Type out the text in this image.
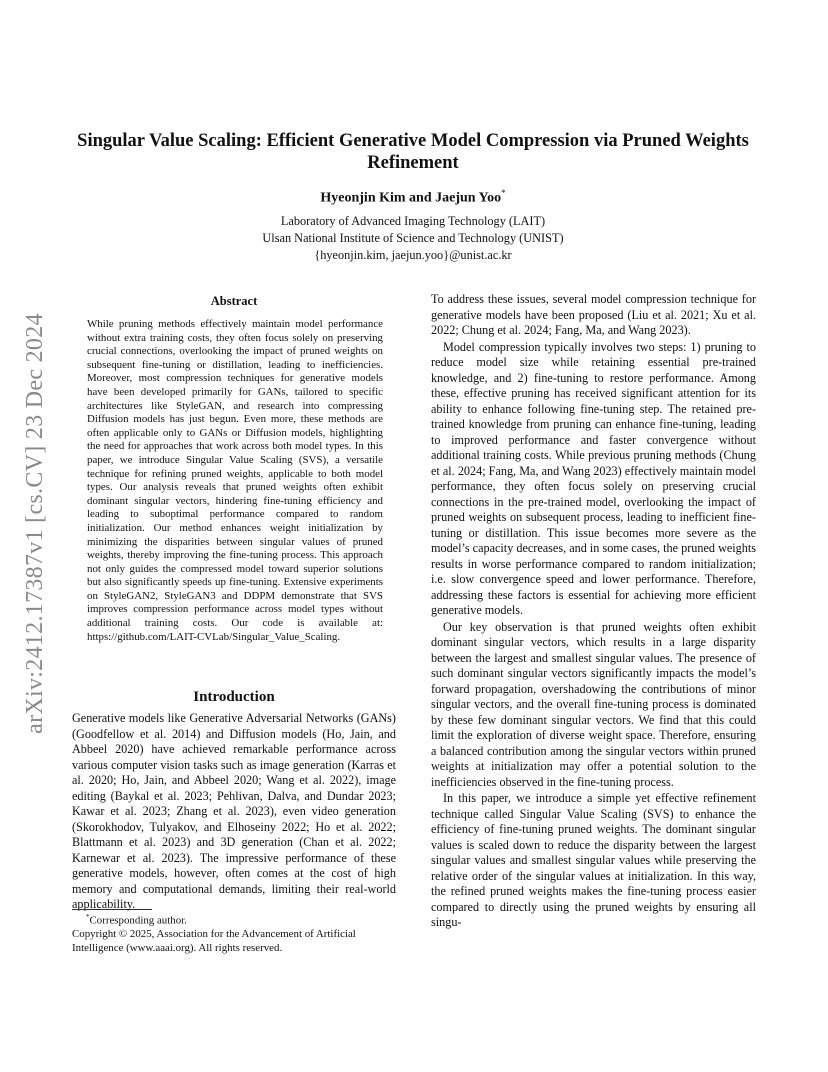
arXiv:2412.17387v1 [cs.CV] 23 Dec 2024
Singular Value Scaling: Efficient Generative Model Compression via Pruned Weights Refinement
Hyeonjin Kim and Jaejun Yoo*
Laboratory of Advanced Imaging Technology (LAIT)
Ulsan National Institute of Science and Technology (UNIST)
{hyeonjin.kim, jaejun.yoo}@unist.ac.kr
Abstract
While pruning methods effectively maintain model performance without extra training costs, they often focus solely on preserving crucial connections, overlooking the impact of pruned weights on subsequent fine-tuning or distillation, leading to inefficiencies. Moreover, most compression techniques for generative models have been developed primarily for GANs, tailored to specific architectures like StyleGAN, and research into compressing Diffusion models has just begun. Even more, these methods are often applicable only to GANs or Diffusion models, highlighting the need for approaches that work across both model types. In this paper, we introduce Singular Value Scaling (SVS), a versatile technique for refining pruned weights, applicable to both model types. Our analysis reveals that pruned weights often exhibit dominant singular vectors, hindering fine-tuning efficiency and leading to suboptimal performance compared to random initialization. Our method enhances weight initialization by minimizing the disparities between singular values of pruned weights, thereby improving the fine-tuning process. This approach not only guides the compressed model toward superior solutions but also significantly speeds up fine-tuning. Extensive experiments on StyleGAN2, StyleGAN3 and DDPM demonstrate that SVS improves compression performance across model types without additional training costs. Our code is available at: https://github.com/LAIT-CVLab/Singular_Value_Scaling.
Introduction

Generative models like Generative Adversarial Networks (GANs) (Goodfellow et al. 2014) and Diffusion models (Ho, Jain, and Abbeel 2020) have achieved remarkable performance across various computer vision tasks such as image generation (Karras et al. 2020; Ho, Jain, and Abbeel 2020; Wang et al. 2022), image editing (Baykal et al. 2023; Pehlivan, Dalva, and Dundar 2023; Kawar et al. 2023; Zhang et al. 2023), even video generation (Skorokhodov, Tulyakov, and Elhoseiny 2022; Ho et al. 2022; Blattmann et al. 2023) and 3D generation (Chan et al. 2022; Karnewar et al. 2023). The impressive performance of these generative models, however, often comes at the cost of high memory and computational demands, limiting their real-world applicability.

*Corresponding author.

Copyright © 2025, Association for the Advancement of Artificial Intelligence (www.aaai.org). All rights reserved.

To address these issues, several model compression technique for generative models have been proposed (Liu et al. 2021; Xu et al. 2022; Chung et al. 2024; Fang, Ma, and Wang 2023).

Model compression typically involves two steps: 1) pruning to reduce model size while retaining essential pre-trained knowledge, and 2) fine-tuning to restore performance. Among these, effective pruning has received significant attention for its ability to enhance following fine-tuning step. The retained pre-trained knowledge from pruning can enhance fine-tuning, leading to improved performance and faster convergence without additional training costs. While previous pruning methods (Chung et al. 2024; Fang, Ma, and Wang 2023) effectively maintain model performance, they often focus solely on preserving crucial connections in the pre-trained model, overlooking the impact of pruned weights on subsequent process, leading to inefficient fine-tuning or distillation. This issue becomes more severe as the model’s capacity decreases, and in some cases, the pruned weights results in worse performance compared to random initialization; i.e. slow convergence speed and lower performance. Therefore, addressing these factors is essential for achieving more efficient generative models.

Our key observation is that pruned weights often exhibit dominant singular vectors, which results in a large disparity between the largest and smallest singular values. The presence of such dominant singular vectors significantly impacts the model’s forward propagation, overshadowing the contributions of minor singular vectors, and the overall fine-tuning process is dominated by these few dominant singular vectors. We find that this could limit the exploration of diverse weight space. Therefore, ensuring a balanced contribution among the singular vectors within pruned weights at initialization may offer a potential solution to the inefficiencies observed in the fine-tuning process.

In this paper, we introduce a simple yet effective refinement technique called Singular Value Scaling (SVS) to enhance the efficiency of fine-tuning pruned weights. The dominant singular values is scaled down to reduce the disparity between the largest singular values and smallest singular values while preserving the relative order of the singular values at initialization. In this way, the refined pruned weights makes the fine-tuning process easier compared to directly using the pruned weights by ensuring all singu-
